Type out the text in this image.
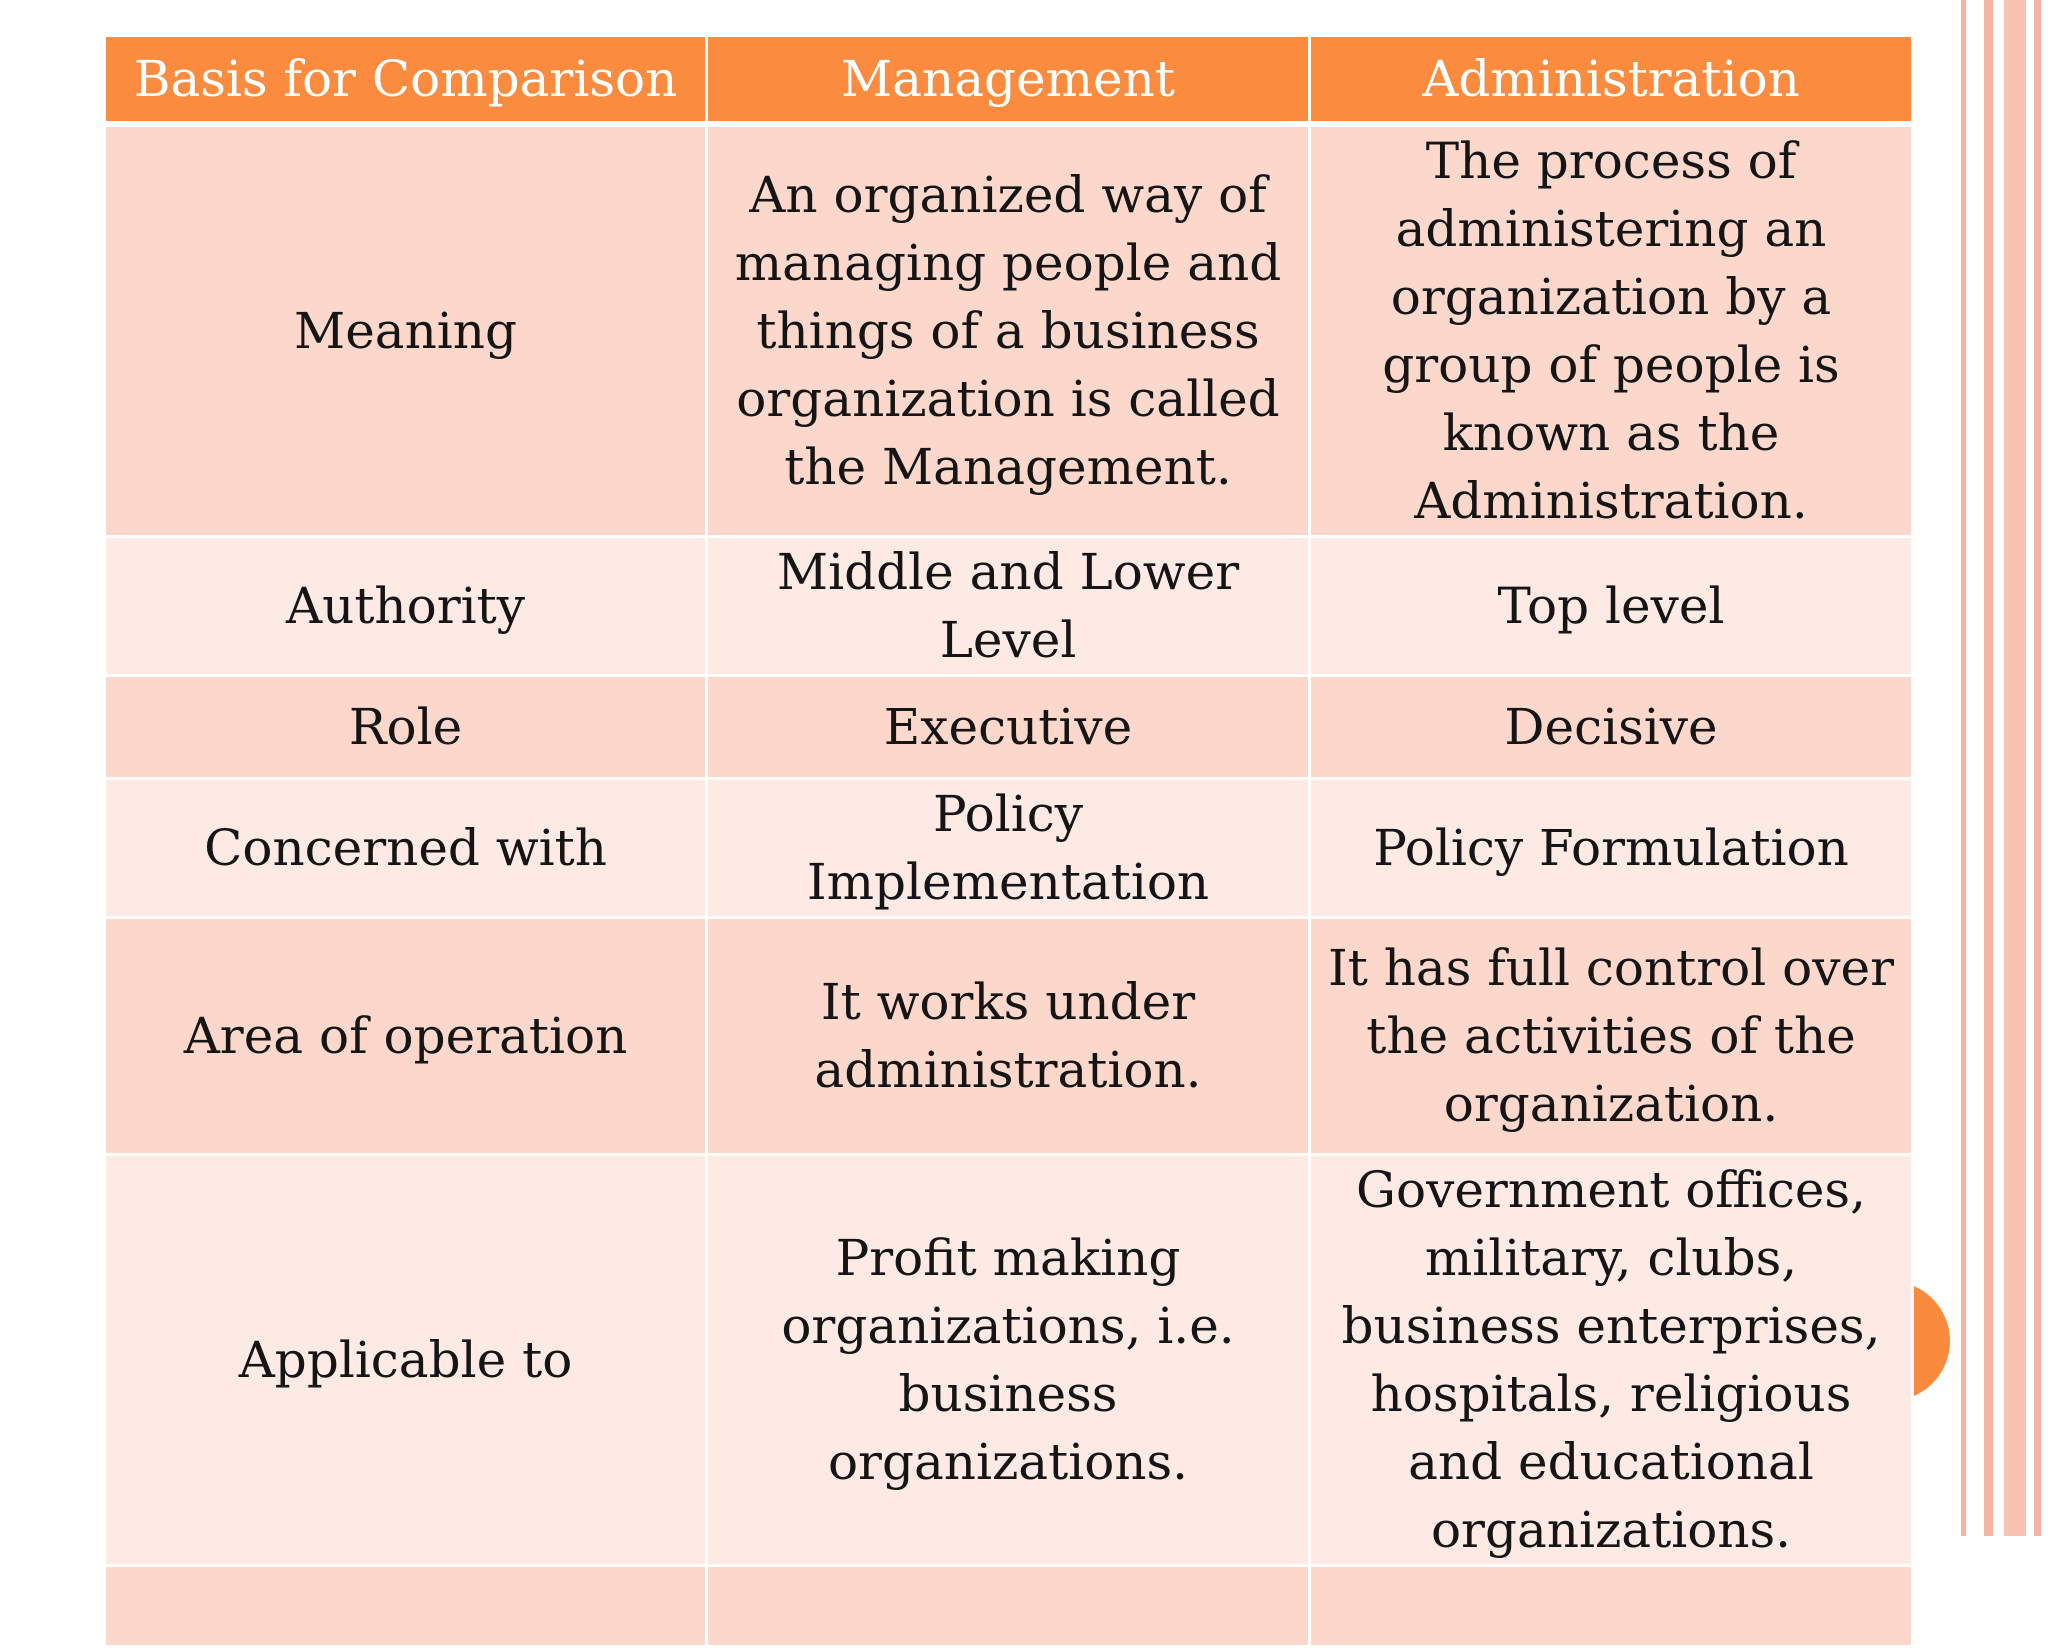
Basis for Comparison	Management	Administration
Meaning	An organized way of managing people and things of a business organization is called the Management.	The process of administering an organization by a group of people is known as the Administration.
Authority	Middle and Lower Level	Top level
Role	Executive	Decisive
Concerned with	Policy Implementation	Policy Formulation
Area of operation	It works under administration.	It has full control over the activities of the organization.
Applicable to	Profit making organizations, i.e. business organizations.	Government offices, military, clubs, business enterprises, hospitals, religious and educational organizations.
